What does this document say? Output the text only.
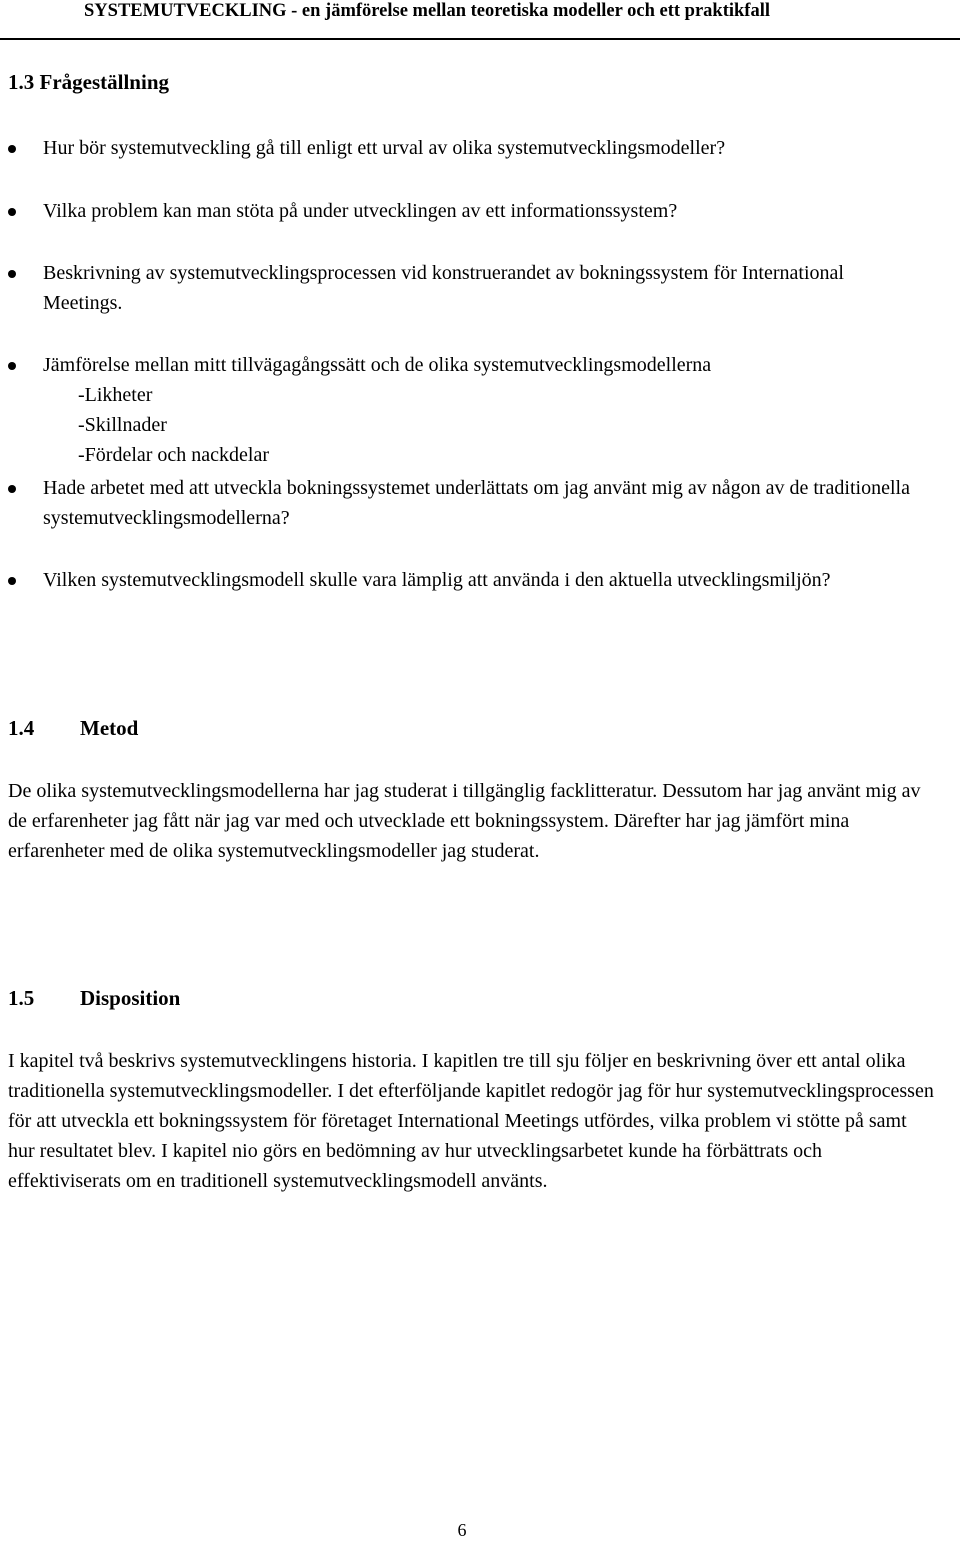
SYSTEMUTVECKLING - en jämförelse mellan teoretiska modeller och ett praktikfall
1.3 Frågeställning
Hur bör systemutveckling gå till enligt ett urval av olika systemutvecklingsmodeller?
Vilka problem kan man stöta på under utvecklingen av ett informationssystem?
Beskrivning av systemutvecklingsprocessen vid konstruerandet av bokningssystem för International Meetings.
Jämförelse mellan mitt tillvägagångssätt och de olika systemutvecklingsmodellerna
-Likheter
-Skillnader
-Fördelar och nackdelar
Hade arbetet med att utveckla bokningssystemet underlättats om jag använt mig av någon av de traditionella systemutvecklingsmodellerna?
Vilken systemutvecklingsmodell skulle vara lämplig att använda i den aktuella utvecklingsmiljön?
1.4 Metod
De olika systemutvecklingsmodellerna har jag studerat i tillgänglig facklitteratur. Dessutom har jag använt mig av de erfarenheter jag fått när jag var med och utvecklade ett bokningssystem. Därefter har jag jämfört mina erfarenheter med de olika systemutvecklingsmodeller jag studerat.
1.5 Disposition
I kapitel två beskrivs systemutvecklingens historia. I kapitlen tre till sju följer en beskrivning över ett antal olika traditionella systemutvecklingsmodeller. I det efterföljande kapitlet redogör jag för hur systemutvecklingsprocessen för att utveckla ett bokningssystem för företaget International Meetings utfördes, vilka problem vi stötte på samt hur resultatet blev. I kapitel nio görs en bedömning av hur utvecklingsarbetet kunde ha förbättrats och effektiviserats om en traditionell systemutvecklingsmodell använts.
6
